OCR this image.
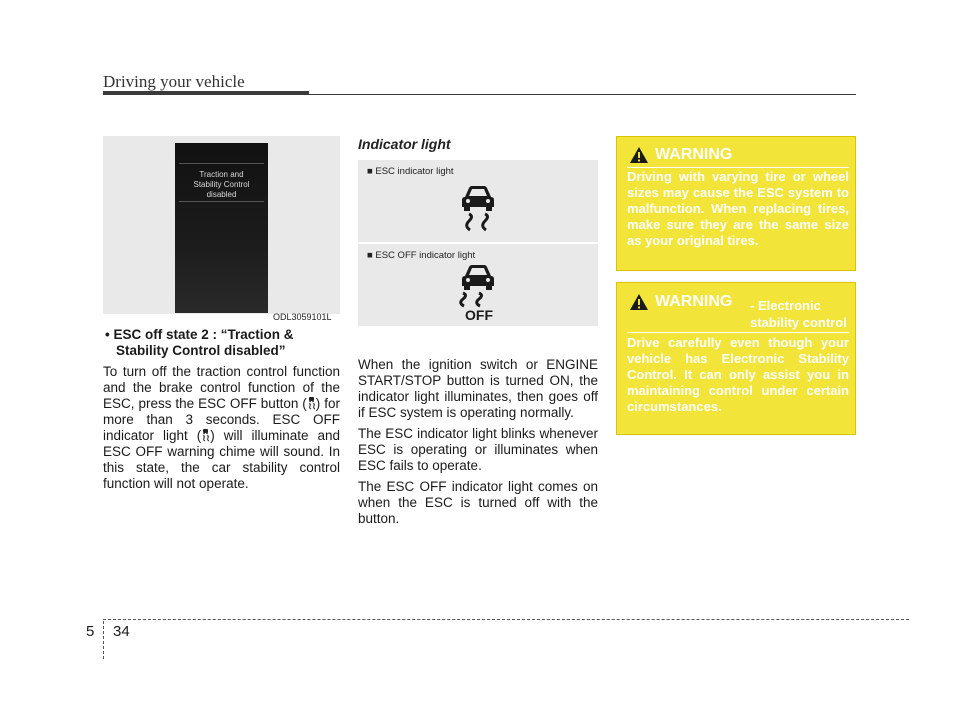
Driving your vehicle
Traction and
Stability Control
disabled
ODL3059101L
• ESC off state 2 : “Traction & Stability Control disabled”
To turn off the traction control function and the brake control function of the ESC, press the ESC OFF button ( ) for more than 3 seconds. ESC OFF indicator light ( ) will illuminate and ESC OFF warning chime will sound. In this state, the car stability control function will not operate.
Indicator light
■ ESC indicator light
■ ESC OFF indicator light
OFF

When the ignition switch or ENGINE START/STOP button is turned ON, the indicator light illuminates, then goes off if ESC system is operating normally.

The ESC indicator light blinks whenever ESC is operating or illuminates when ESC fails to operate.

The ESC OFF indicator light comes on when the ESC is turned off with the button.

WARNING
Driving with varying tire or wheel sizes may cause the ESC system to malfunction. When replacing tires, make sure they are the same size as your original tires.
WARNING - Electronic stability control
Drive carefully even though your vehicle has Electronic Stability Control. It can only assist you in maintaining control under certain circumstances.
5 34
